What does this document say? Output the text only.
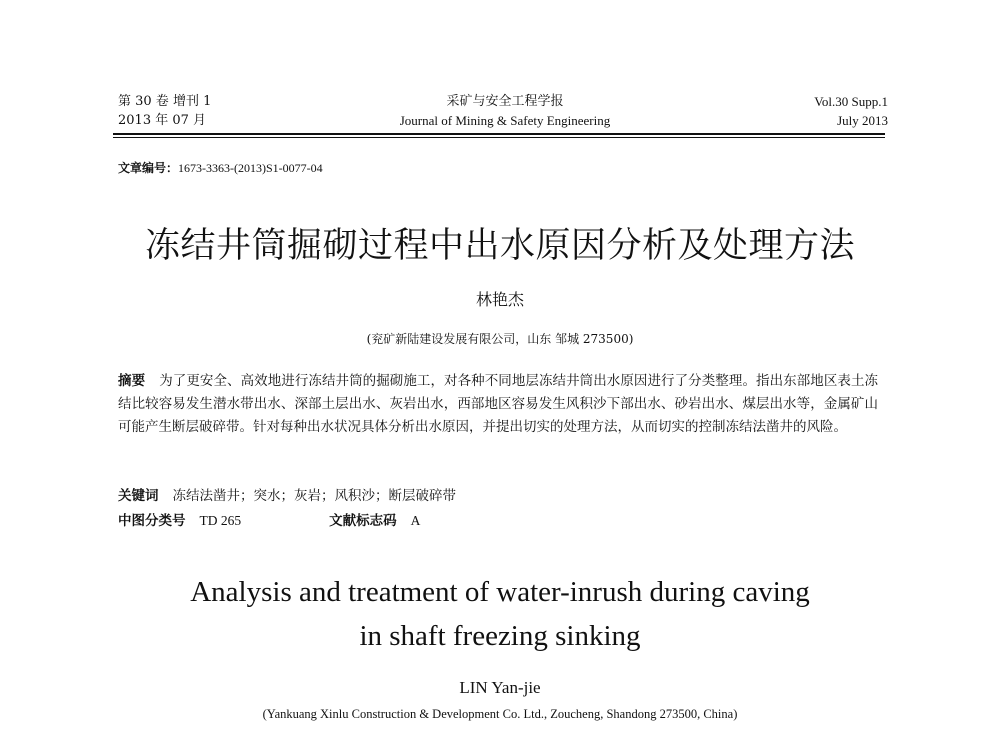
第 30 卷 增刊 1
2013 年 07 月
采矿与安全工程学报
Journal of Mining & Safety Engineering
Vol.30 Supp.1
July 2013
文章编号：1673-3363-(2013)S1-0077-04
冻结井筒掘砌过程中出水原因分析及处理方法
林艳杰
(兖矿新陆建设发展有限公司，山东 邹城 273500)
摘要 为了更安全、高效地进行冻结井筒的掘砌施工，对各种不同地层冻结井筒出水原因进行了分类整理。指出东部地区表土冻结比较容易发生潜水带出水、深部土层出水、灰岩出水，西部地区容易发生风积沙下部出水、砂岩出水、煤层出水等，金属矿山可能产生断层破碎带。针对每种出水状况具体分析出水原因，并提出切实的处理方法，从而切实的控制冻结法凿井的风险。
关键词 冻结法凿井；突水；灰岩；风积沙；断层破碎带
中图分类号 TD 265	文献标志码 A
Analysis and treatment of water-inrush during caving
in shaft freezing sinking
LIN Yan-jie
(Yankuang Xinlu Construction & Development Co. Ltd., Zoucheng, Shandong 273500, China)
